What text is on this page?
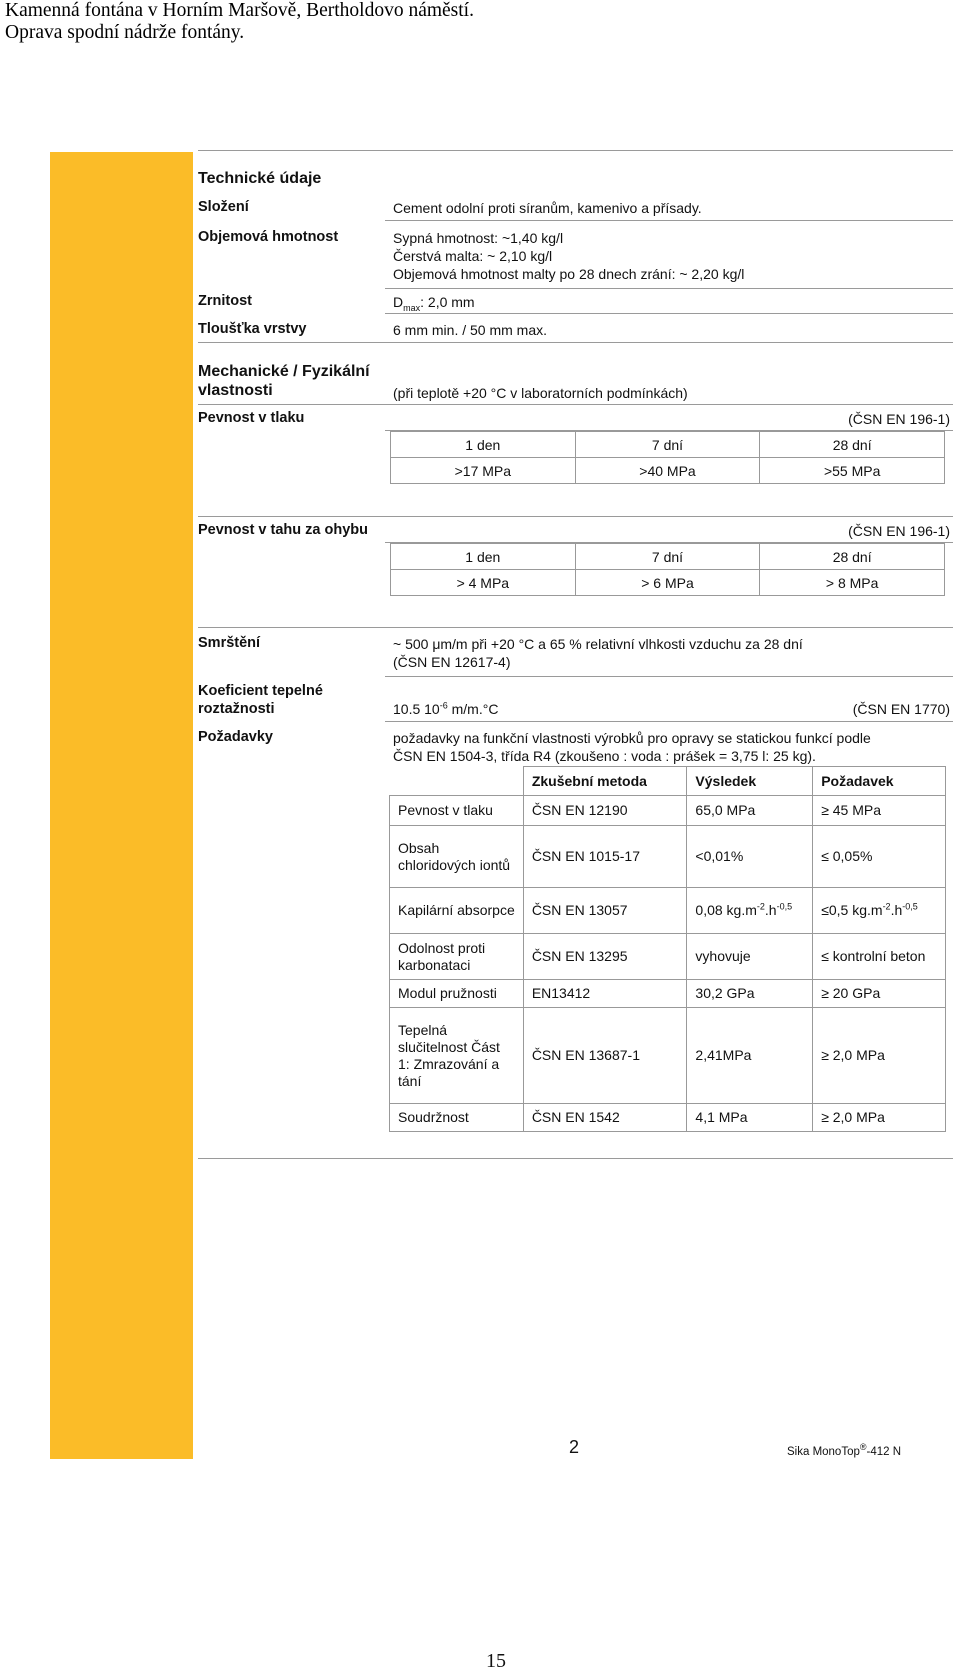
Kamenná fontána v Horním Maršově, Bertholdovo náměstí.
Oprava spodní nádrže fontány.
Technické údaje
Složení	Cement odolní proti síranům, kamenivo a přísady.
Objemová hmotnost	Sypná hmotnost: ~1,40 kg/l
Čerstvá malta: ~ 2,10 kg/l
Objemová hmotnost malty po 28 dnech zrání: ~ 2,20 kg/l
Zrnitost	$D_{max}$: 2,0 mm
Tloušťka vrstvy	6 mm min. / 50 mm max.
Mechanické / Fyzikální
vlastnosti	(při teplotě +20 °C v laboratorních podmínkách)
Pevnost v tlaku	(ČSN EN 196-1)
1 den	7 dní	28 dní
>17 MPa	>40 MPa	>55 MPa
Pevnost v tahu za ohybu	(ČSN EN 196-1)
1 den	7 dní	28 dní
> 4 MPa	> 6 MPa	> 8 MPa
Smrštění	~ 500 μm/m při +20 °C a 65 % relativní vlhkosti vzduchu za 28 dní
(ČSN EN 12617-4)
Koeficient tepelné
roztažnosti	10.5 $10^{-6}$ m/m.°C	(ČSN EN 1770)
Požadavky	požadavky na funkční vlastnosti výrobků pro opravy se statickou funkcí podle
ČSN EN 1504-3, třída R4 (zkoušeno : voda : prášek = 3,75 l: 25 kg).
	Zkušební metoda	Výsledek	Požadavek
Pevnost v tlaku	ČSN EN 12190	65,0 MPa	≥ 45 MPa
Obsah chloridových iontů	ČSN EN 1015-17	<0,01%	≤ 0,05%
Kapilární absorpce	ČSN EN 13057	0,08 $kg.m^{-2}.h^{-0,5}$	≤0,5 $kg.m^{-2}.h^{-0,5}$
Odolnost proti karbonataci	ČSN EN 13295	vyhovuje	≤ kontrolní beton
Modul pružnosti	EN13412	30,2 GPa	≥ 20 GPa
Tepelná slučitelnost Část 1: Zmrazování a tání	ČSN EN 13687-1	2,41MPa	≥ 2,0 MPa
Soudržnost	ČSN EN 1542	4,1 MPa	≥ 2,0 MPa
2	Sika MonoTop®-412 N
15
